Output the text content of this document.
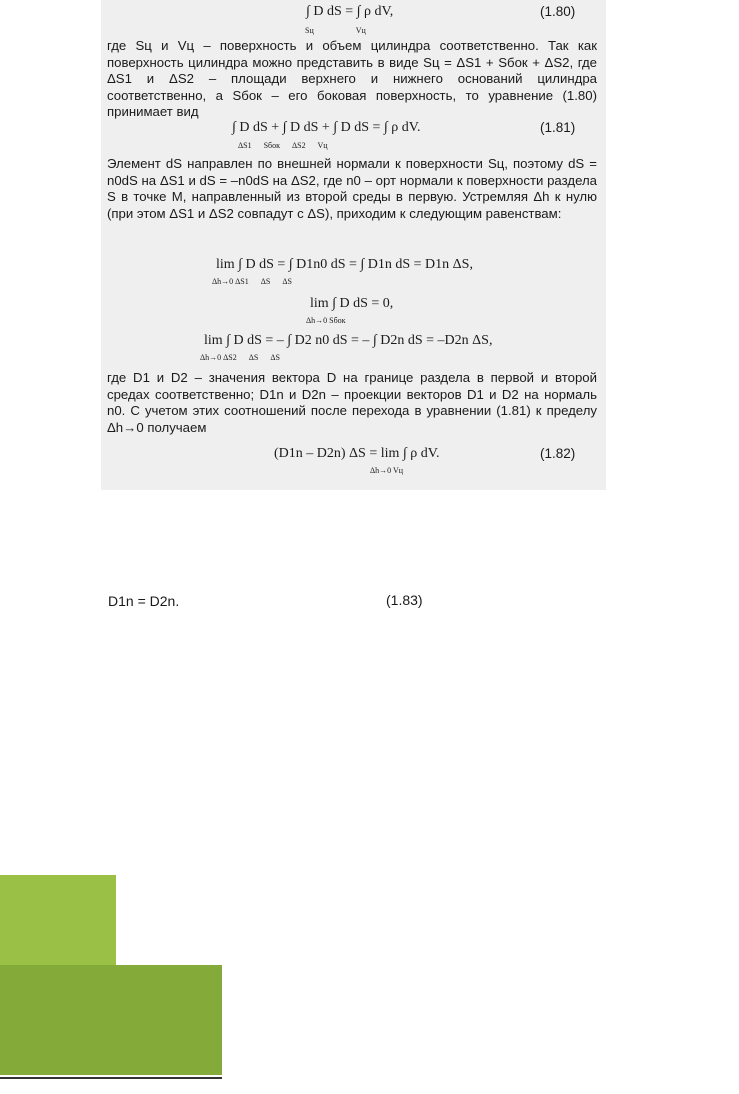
∫ D dS = ∫ ρ dV,
Sц	Vц
(1.80)

где Sц и Vц – поверхность и объем цилиндра соответственно. Так как поверхность цилиндра можно представить в виде Sц = ΔS1 + Sбок + ΔS2, где ΔS1 и ΔS2 – площади верхнего и нижнего оснований цилиндра соответственно, а Sбок – его боковая поверхность, то уравнение (1.80) принимает вид

∫ D dS + ∫ D dS + ∫ D dS = ∫ ρ dV.
ΔS1      Sбок      ΔS2      Vц
(1.81)

Элемент dS направлен по внешней нормали к поверхности Sц, поэтому dS = n0dS на ΔS1 и dS = –n0dS на ΔS2, где n0 – орт нормали к поверхности раздела S в точке M, направленный из второй среды в первую. Устремляя Δh к нулю (при этом ΔS1 и ΔS2 совпадут с ΔS), приходим к следующим равенствам:

lim ∫ D dS = ∫ D1n0 dS = ∫ D1n dS = D1n ΔS,
Δh→0 ΔS1      ΔS      ΔS
lim ∫ D dS = 0,
Δh→0 Sбок
lim ∫ D dS = – ∫ D2 n0 dS = – ∫ D2n dS = –D2n ΔS,
Δh→0 ΔS2      ΔS      ΔS

где D1 и D2 – значения вектора D на границе раздела в первой и второй средах соответственно; D1n и D2n – проекции векторов D1 и D2 на нормаль n0. С учетом этих соотношений после перехода в уравнении (1.81) к пределу Δh→0 получаем

(D1n – D2n) ΔS = lim ∫ ρ dV.
Δh→0 Vц
(1.82)
D1n = D2n.	(1.83)
